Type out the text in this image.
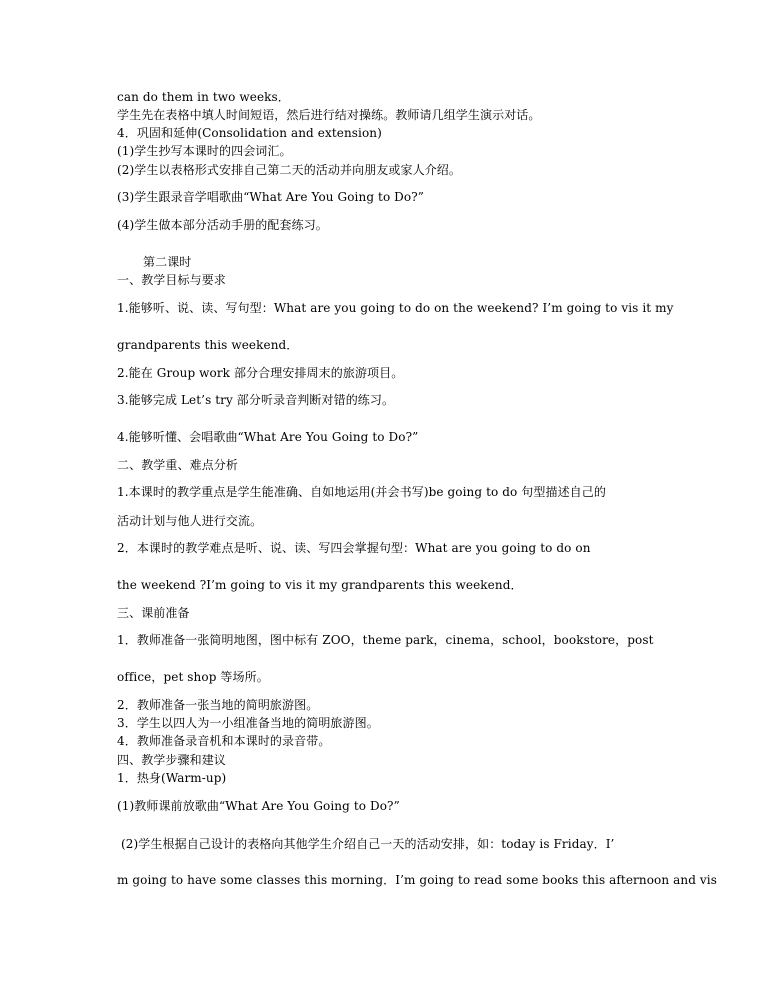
can do them in two weeks．
学生先在表格中填人时间短语，然后进行结对操练。教师请几组学生演示对话。
4．巩固和延伸(Consolidation and extension)
(1)学生抄写本课时的四会词汇。
(2)学生以表格形式安排自己第二天的活动并向朋友或家人介绍。
(3)学生跟录音学唱歌曲“What Are You Going to Do?”
(4)学生做本部分活动手册的配套练习。
第二课时
一、教学目标与要求
1.能够听、说、读、写句型：What are you going to do on the weekend? I’m going to vis it my
grandparents this weekend．
2.能在 Group work 部分合理安排周末的旅游项目。
3.能够完成 Let’s try 部分听录音判断对错的练习。
4.能够听懂、会唱歌曲“What Are You Going to Do?”
二、教学重、难点分析
1.本课时的教学重点是学生能准确、自如地运用(并会书写)be going to do 句型描述自己的
活动计划与他人进行交流。
2．本课时的教学难点是听、说、读、写四会掌握句型：What are you going to do on
the weekend ?I’m going to vis it my grandparents this weekend．
三、课前准备
1．教师准备一张简明地图，图中标有 ZOO，theme park，cinema，school，bookstore，post
office，pet shop 等场所。
2．教师准备一张当地的简明旅游图。
3．学生以四人为一小组准备当地的简明旅游图。
4．教师准备录音机和本课时的录音带。
四、教学步骤和建议
1．热身(Warm-up)
(1)教师课前放歌曲“What Are You Going to Do?”
(2)学生根据自己设计的表格向其他学生介绍自己一天的活动安排，如：today is Friday．I’
m going to have some classes this morning．I’m going to read some books this afternoon and vis
